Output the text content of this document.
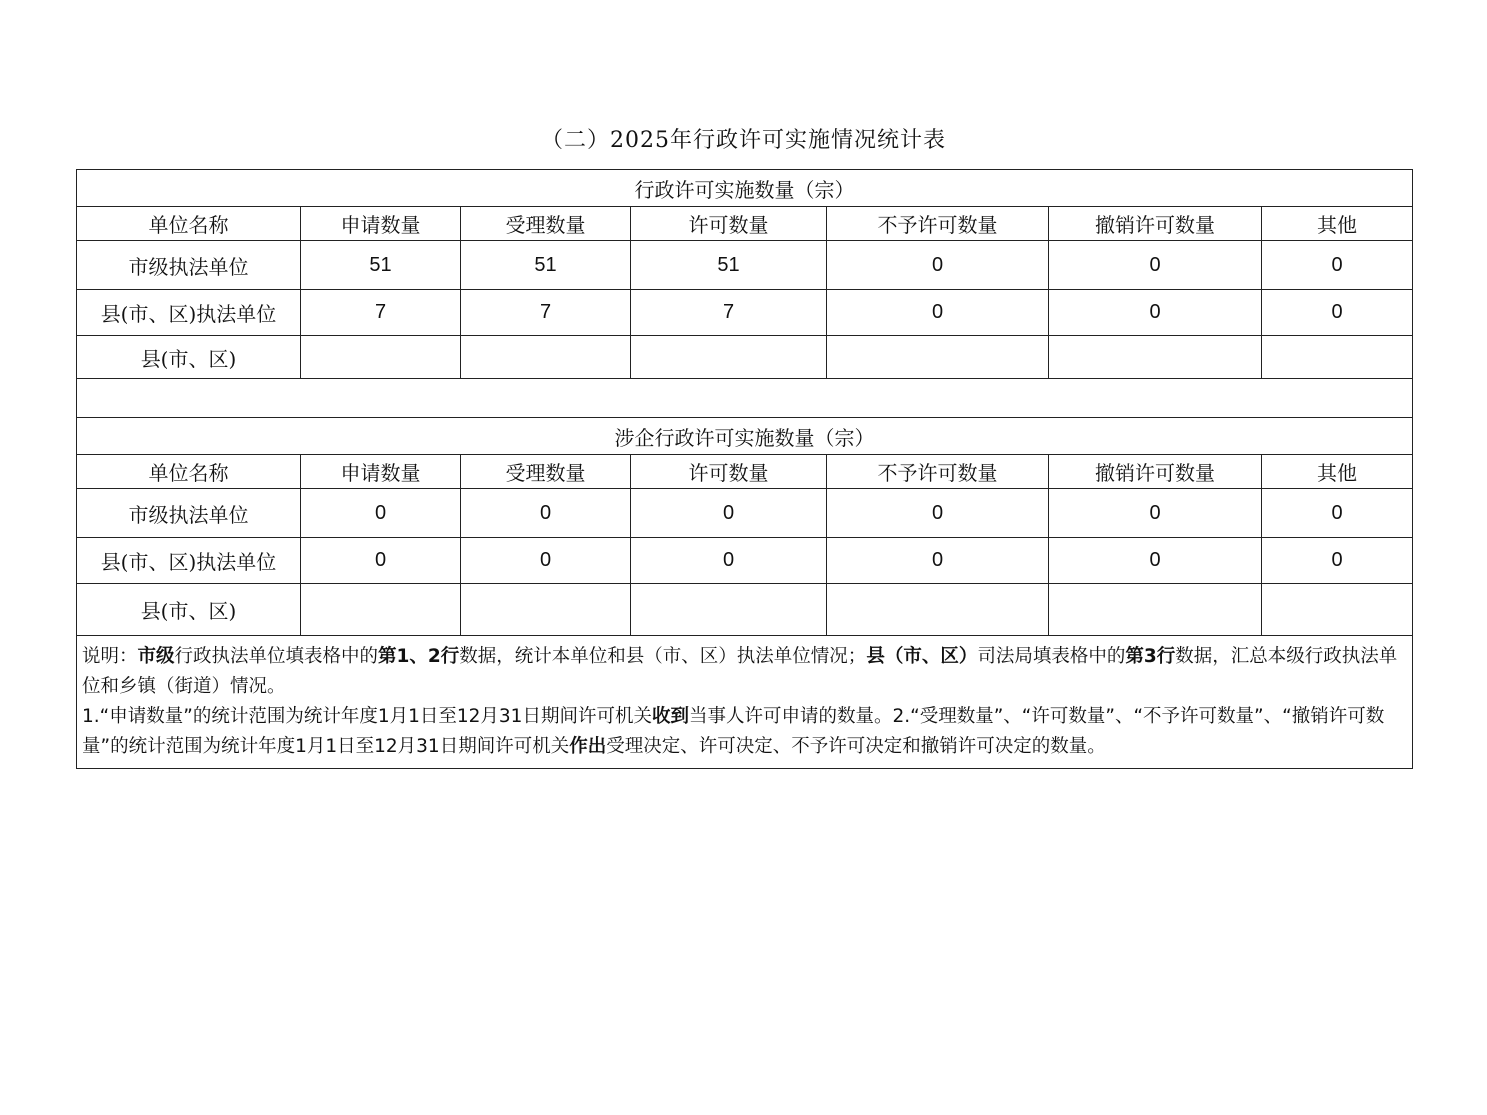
（二）2025年行政许可实施情况统计表
行政许可实施数量（宗）						
单位名称	申请数量	受理数量	许可数量	不予许可数量	撤销许可数量	其他
市级执法单位	51	51	51	0	0	0
县(市、区)执法单位	7	7	7	0	0	0
县(市、区)						

涉企行政许可实施数量（宗）						
单位名称	申请数量	受理数量	许可数量	不予许可数量	撤销许可数量	其他
市级执法单位	0	0	0	0	0	0
县(市、区)执法单位	0	0	0	0	0	0
县(市、区)						

说明：市级行政执法单位填表格中的第1、2行数据，统计本单位和县（市、区）执法单位情况；县（市、区）司法局填表格中的第3行数据，汇总本级行政执法单位和乡镇（街道）情况。
1.“申请数量”的统计范围为统计年度1月1日至12月31日期间许可机关收到当事人许可申请的数量。2.“受理数量”、“许可数量”、“不予许可数量”、“撤销许可数量”的统计范围为统计年度1月1日至12月31日期间许可机关作出受理决定、许可决定、不予许可决定和撤销许可决定的数量。						
